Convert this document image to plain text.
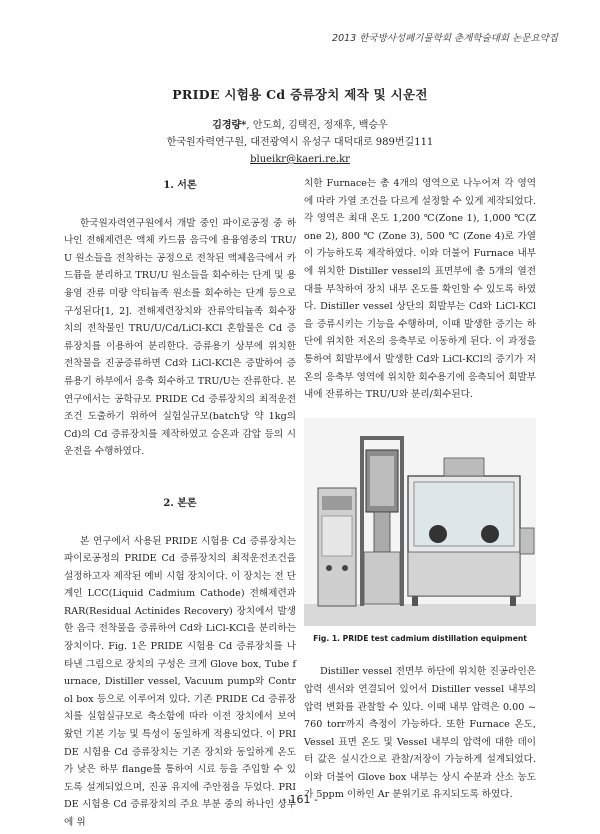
2013 한국방사성폐기물학회 춘계학술대회 논문요약집
PRIDE 시험용 Cd 증류장치 제작 및 시운전
김경량*, 안도희, 김택진, 정재후, 백승우
한국원자력연구원, 대전광역시 유성구 대덕대로 989번길111
blueikr@kaeri.re.kr
1. 서론

한국원자력연구원에서 개발 중인 파이로공정 중 하나인 전해제련은 액체 카드뮴 음극에 용융염중의 TRU/U 원소들을 전착하는 공정으로 전착된 액체음극에서 카드뮴을 분리하고 TRU/U 원소들을 회수하는 단계 및 용융염 잔류 미량 악티늄족 원소를 회수하는 단계 등으로 구성된다[1, 2]. 전해제련장치와 잔류악티늄족 회수장치의 전착물인 TRU/U/Cd/LiCl-KCl 혼합물은 Cd 증류장치를 이용하여 분리한다. 증류용기 상부에 위치한 전착물을 진공증류하면 Cd와 LiCl-KCl은 증발하여 증류용기 하부에서 응축 회수하고 TRU/U는 잔류한다. 본 연구에서는 공학규모 PRIDE Cd 증류장치의 최적운전조건 도출하기 위하여 실험실규모(batch당 약 1kg의 Cd)의 Cd 증류장치를 제작하였고 승온과 감압 등의 시운전을 수행하였다.

2. 본론

본 연구에서 사용된 PRIDE 시험용 Cd 증류장치는 파이로공정의 PRIDE Cd 증류장치의 최적운전조건을 설정하고자 제작된 예비 시험 장치이다. 이 장치는 전 단계인 LCC(Liquid Cadmium Cathode) 전해제련과 RAR(Residual Actinides Recovery) 장치에서 발생한 음극 전착물을 증류하여 Cd와 LiCl-KCl을 분리하는 장치이다. Fig. 1은 PRIDE 시험용 Cd 증류장치를 나타낸 그림으로 장치의 구성은 크게 Glove box, Tube furnace, Distiller vessel, Vacuum pump와 Control box 등으로 이루어져 있다. 기존 PRIDE Cd 증류장치를 실험실규모로 축소함에 따라 이전 장치에서 보여 왔던 기본 기능 및 특성이 동일하게 적용되었다. 이 PRIDE 시험용 Cd 증류장치는 기존 장치와 동일하게 온도가 낮은 하부 flange를 통하여 시료 등을 주입할 수 있도록 설계되었으며, 진공 유지에 주안점을 두었다. PRIDE 시험용 Cd 증류장치의 주요 부분 중의 하나인 상부에 위

치한 Furnace는 총 4개의 영역으로 나누어져 각 영역에 따라 가열 조건을 다르게 설정할 수 있게 제작되었다. 각 영역은 최대 온도 1,200 ℃(Zone 1), 1,000 ℃(Zone 2), 800 ℃ (Zone 3), 500 ℃ (Zone 4)로 가열이 가능하도록 제작하였다. 이와 더불어 Furnace 내부에 위치한 Distiller vessel의 표면부에 총 5개의 열전대를 부착하여 장치 내부 온도를 확인할 수 있도록 하였다. Distiller vessel 상단의 회발부는 Cd와 LiCl-KCl을 증류시키는 기능을 수행하며, 이때 발생한 증기는 하단에 위치한 저온의 응축부로 이동하게 된다. 이 과정을 통하여 회발부에서 발생한 Cd와 LiCl-KCl의 증기가 저온의 응축부 영역에 위치한 회수용기에 응축되어 회발부내에 잔류하는 TRU/U와 분리/회수된다.

Fig. 1. PRIDE test cadmium distillation equipment

Distiller vessel 전면부 하단에 위치한 진공라인은 압력 센서와 연결되어 있어서 Distiller vessel 내부의 압력 변화를 관찰할 수 있다. 이때 내부 압력은 0.00 ~ 760 torr까지 측정이 가능하다. 또한 Furnace 온도, Vessel 표면 온도 및 Vessel 내부의 압력에 대한 데이터 값은 실시간으로 관찰/저장이 가능하게 설계되었다. 이와 더불어 Glove box 내부는 상시 수분과 산소 농도가 5ppm 이하인 Ar 분위기로 유지되도록 하였다.

- 161 -
